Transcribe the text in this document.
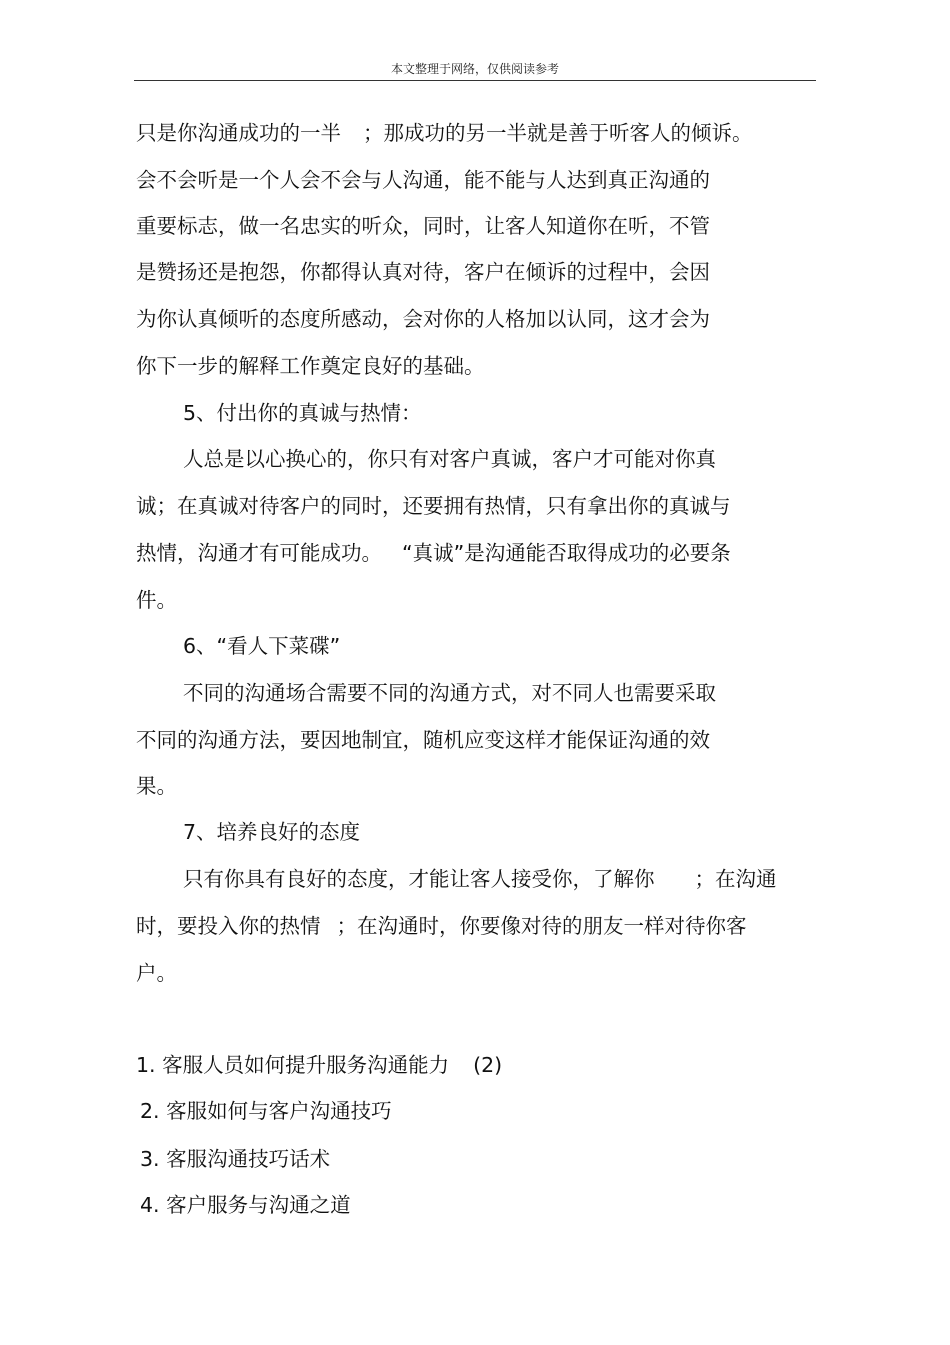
本文整理于网络，仅供阅读参考
只是你沟通成功的一半 ；那成功的另一半就是善于听客人的倾诉。
会不会听是一个人会不会与人沟通，能不能与人达到真正沟通的
重要标志，做一名忠实的听众，同时，让客人知道你在听，不管
是赞扬还是抱怨，你都得认真对待，客户在倾诉的过程中，会因
为你认真倾听的态度所感动，会对你的人格加以认同，这才会为
你下一步的解释工作奠定良好的基础。
5、付出你的真诚与热情：
人总是以心换心的，你只有对客户真诚，客户才可能对你真
诚；在真诚对待客户的同时，还要拥有热情，只有拿出你的真诚与
热情，沟通才有可能成功。 “真诚”是沟通能否取得成功的必要条
件。
6、“看人下菜碟”
不同的沟通场合需要不同的沟通方式，对不同人也需要采取
不同的沟通方法，要因地制宜，随机应变这样才能保证沟通的效
果。
7、培养良好的态度
只有你具有良好的态度，才能让客人接受你，了解你 ；在沟通
时，要投入你的热情 ；在沟通时，你要像对待的朋友一样对待你客
户。
1. 客服人员如何提升服务沟通能力 (2)
2. 客服如何与客户沟通技巧
3. 客服沟通技巧话术
4. 客户服务与沟通之道
